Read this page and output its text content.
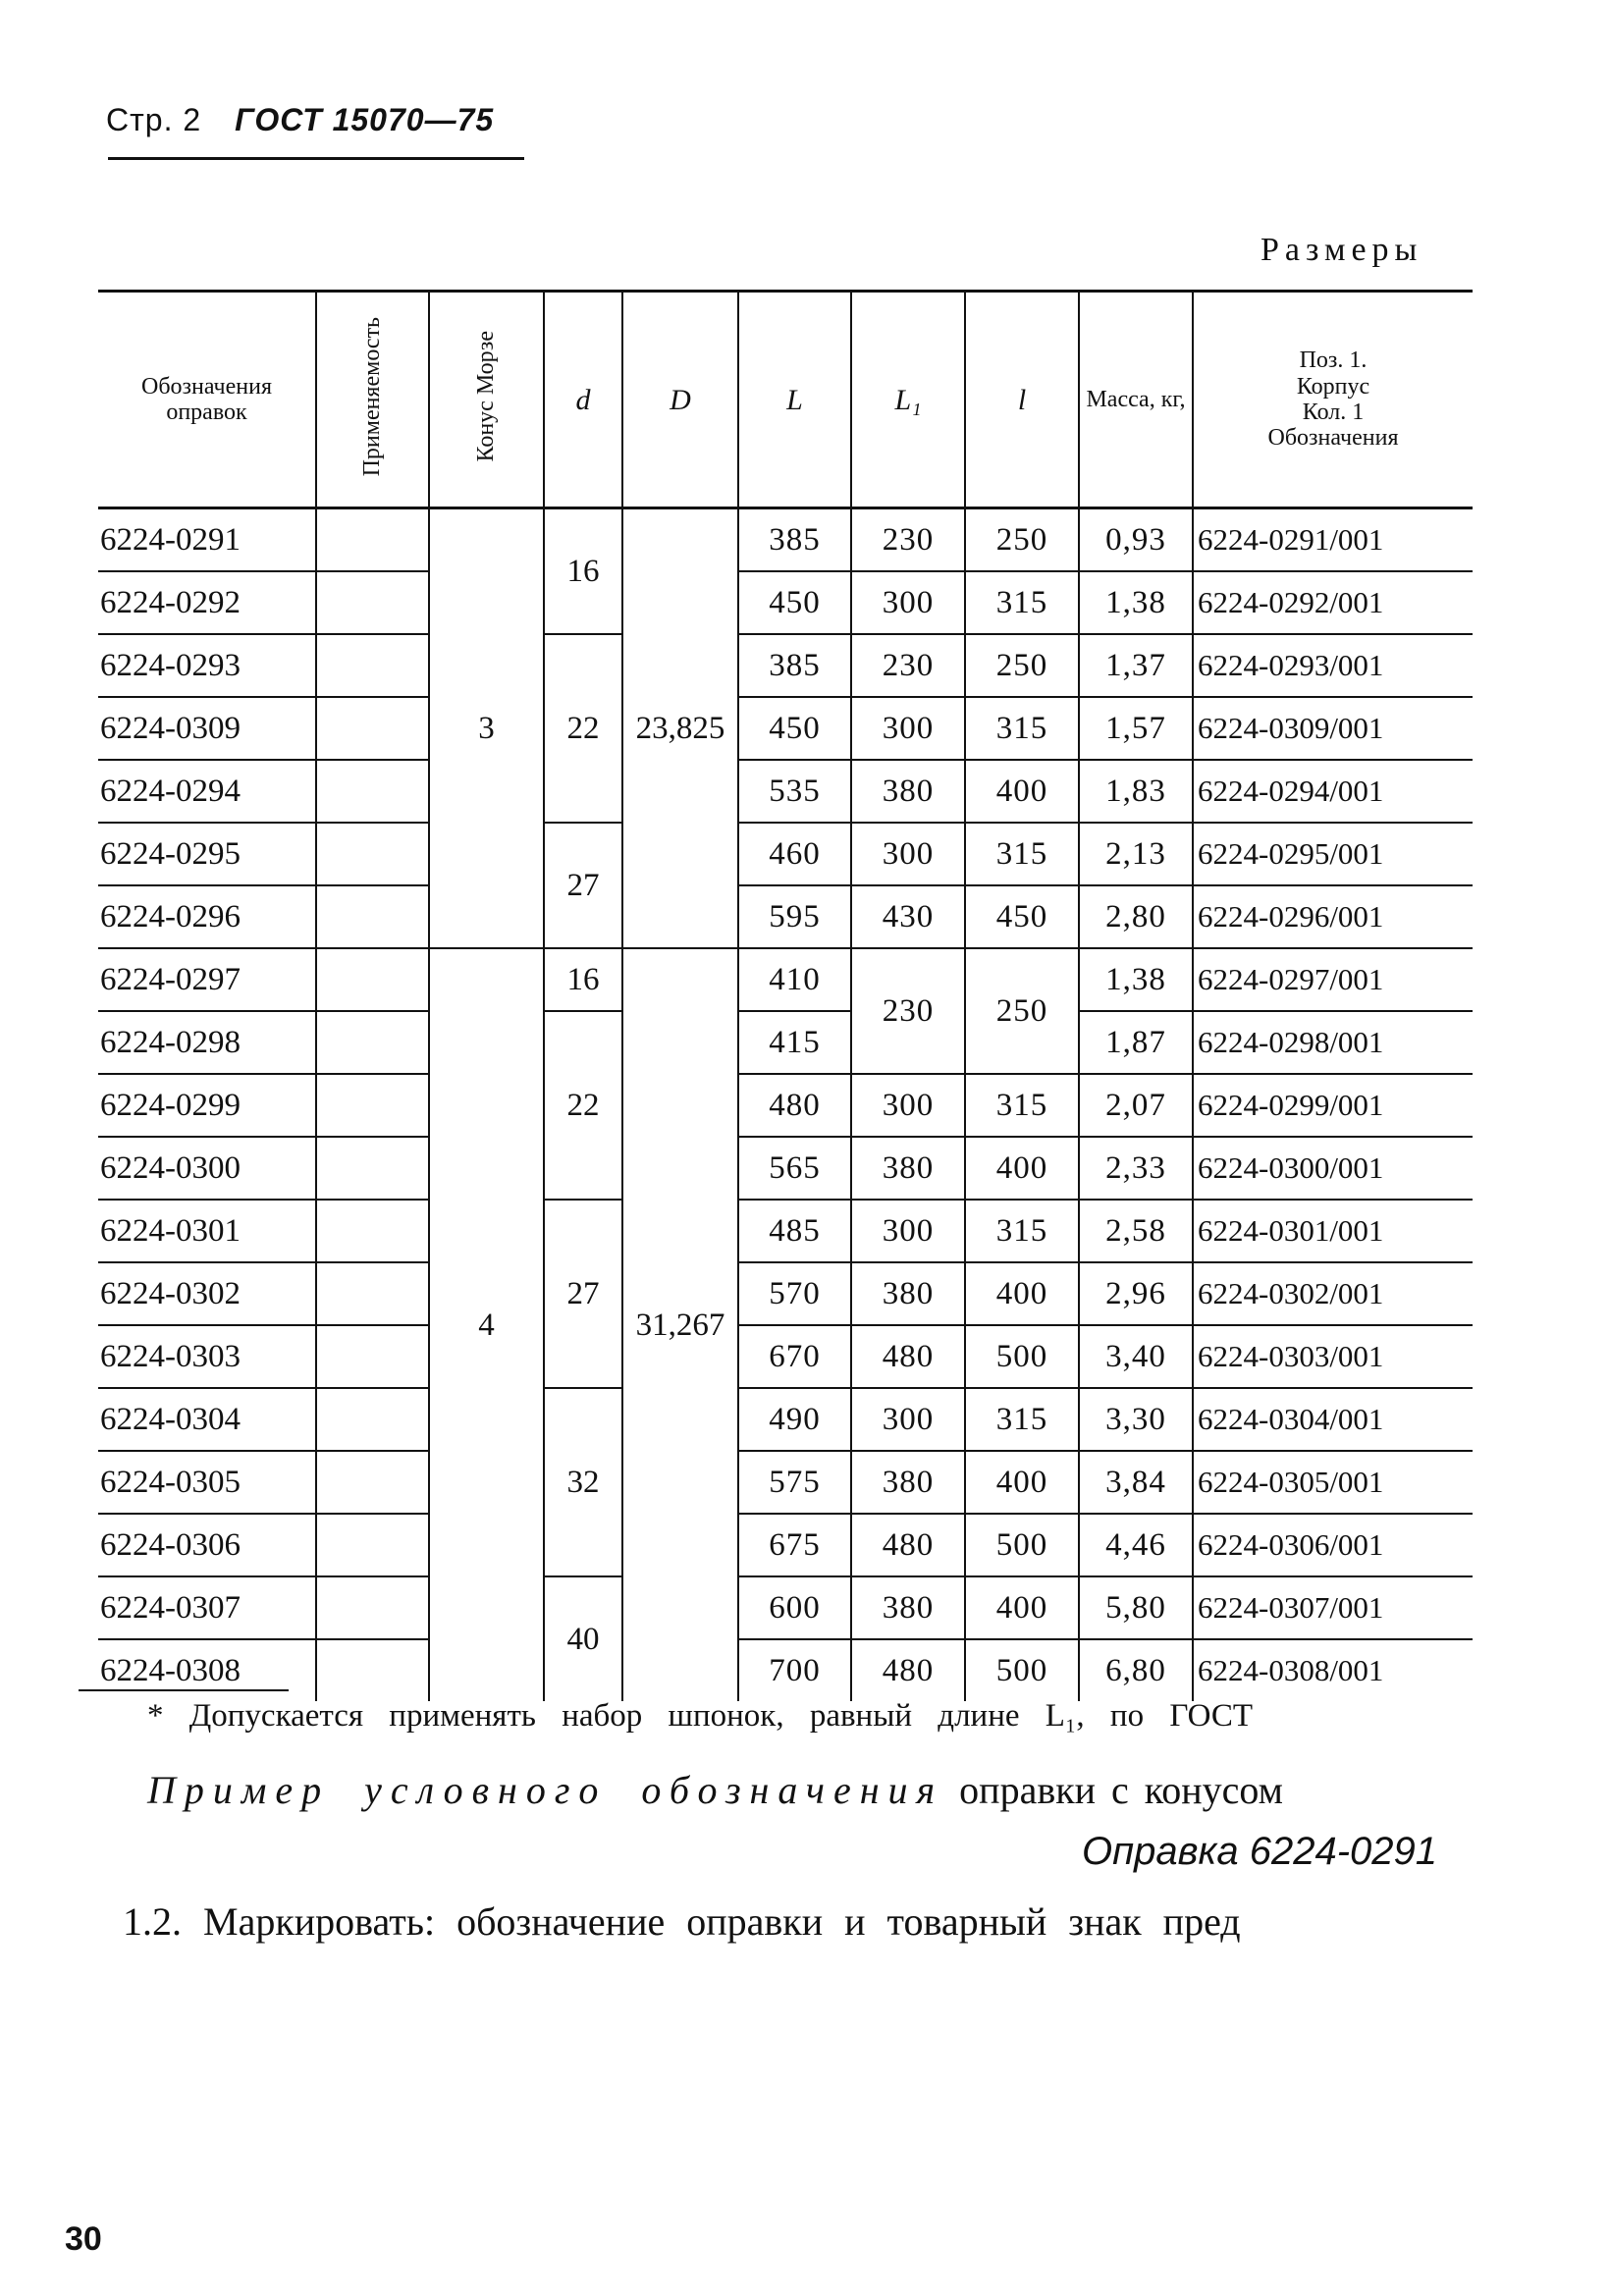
Стр. 2 ГОСТ 15070—75
Размеры
Обозначения оправок	Применяемость	Конус Морзе	d	D	L	L₁	l	Масса, кг,	Поз. 1.
Корпус
Кол. 1
Обозначения

6224-0291		3	16	23,825	385	230	250	0,93	6224-0291/001
6224-0292					450	300	315	1,38	6224-0292/001
6224-0293			22		385	230	250	1,37	6224-0293/001
6224-0309					450	300	315	1,57	6224-0309/001
6224-0294					535	380	400	1,83	6224-0294/001
6224-0295			27		460	300	315	2,13	6224-0295/001
6224-0296					595	430	450	2,80	6224-0296/001
6224-0297		4	16	31,267	410	230	250	1,38	6224-0297/001
6224-0298			22		415			1,87	6224-0298/001
6224-0299					480	300	315	2,07	6224-0299/001
6224-0300					565	380	400	2,33	6224-0300/001
6224-0301			27		485	300	315	2,58	6224-0301/001
6224-0302					570	380	400	2,96	6224-0302/001
6224-0303					670	480	500	3,40	6224-0303/001
6224-0304			32		490	300	315	3,30	6224-0304/001
6224-0305					575	380	400	3,84	6224-0305/001
6224-0306					675	480	500	4,46	6224-0306/001
6224-0307			40		600	380	400	5,80	6224-0307/001
6224-0308					700	480	500	6,80	6224-0308/001
* Допускается применять набор шпонок, равный длине L₁, по ГОСТ
Пример условного обозначения оправки с конусом
Оправка 6224-0291
1.2. Маркировать: обозначение оправки и товарный знак пред
30
